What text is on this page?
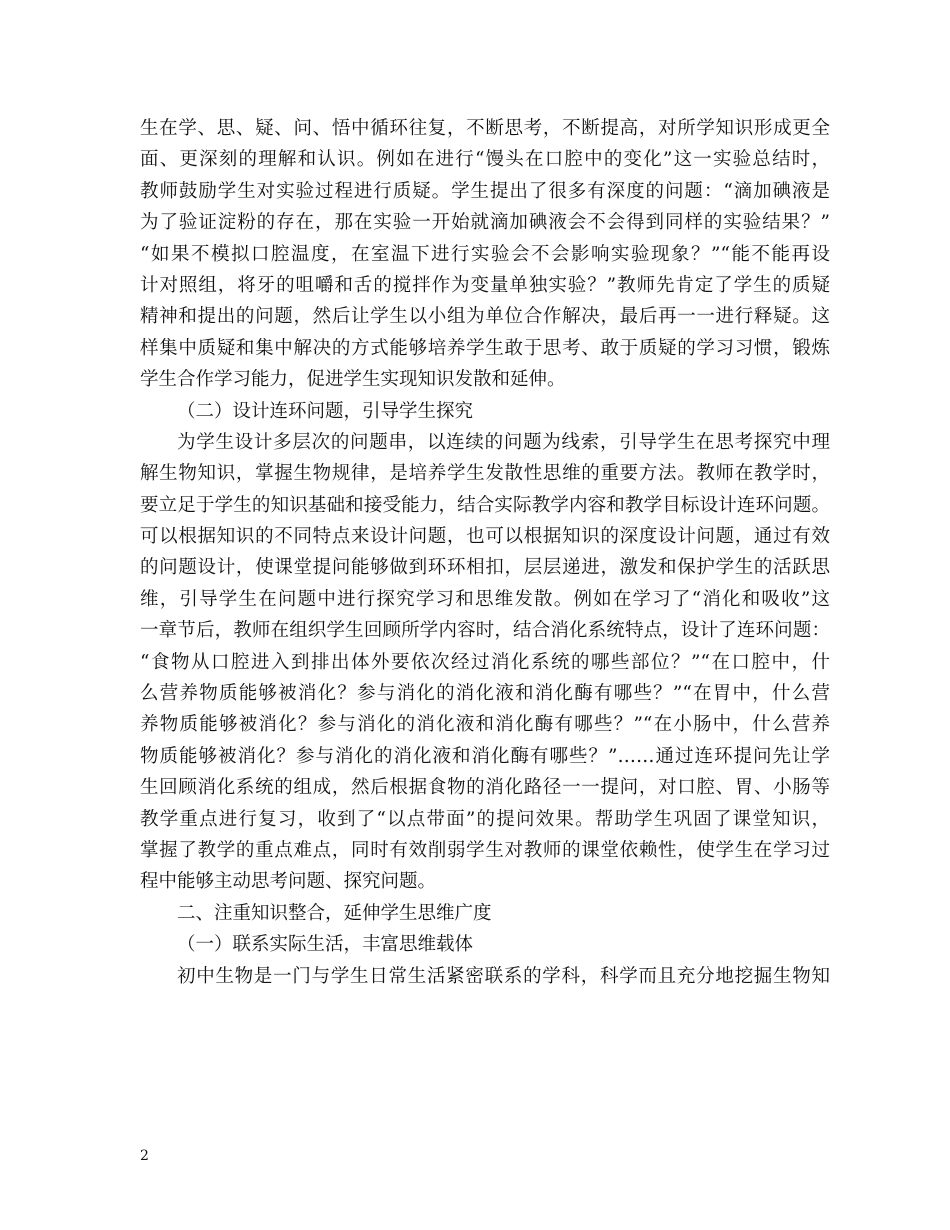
生在学、思、疑、问、悟中循环往复，不断思考，不断提高，对所学知识形成更全
面、更深刻的理解和认识。例如在进行“馒头在口腔中的变化”这一实验总结时，
教师鼓励学生对实验过程进行质疑。学生提出了很多有深度的问题：“滴加碘液是
为了验证淀粉的存在，那在实验一开始就滴加碘液会不会得到同样的实验结果？”
“如果不模拟口腔温度，在室温下进行实验会不会影响实验现象？”“能不能再设
计对照组，将牙的咀嚼和舌的搅拌作为变量单独实验？”教师先肯定了学生的质疑
精神和提出的问题，然后让学生以小组为单位合作解决，最后再一一进行释疑。这
样集中质疑和集中解决的方式能够培养学生敢于思考、敢于质疑的学习习惯，锻炼
学生合作学习能力，促进学生实现知识发散和延伸。
（二）设计连环问题，引导学生探究
为学生设计多层次的问题串，以连续的问题为线索，引导学生在思考探究中理
解生物知识，掌握生物规律，是培养学生发散性思维的重要方法。教师在教学时，
要立足于学生的知识基础和接受能力，结合实际教学内容和教学目标设计连环问题。
可以根据知识的不同特点来设计问题，也可以根据知识的深度设计问题，通过有效
的问题设计，使课堂提问能够做到环环相扣，层层递进，激发和保护学生的活跃思
维，引导学生在问题中进行探究学习和思维发散。例如在学习了“消化和吸收”这
一章节后，教师在组织学生回顾所学内容时，结合消化系统特点，设计了连环问题：
“食物从口腔进入到排出体外要依次经过消化系统的哪些部位？”“在口腔中，什
么营养物质能够被消化？参与消化的消化液和消化酶有哪些？”“在胃中，什么营
养物质能够被消化？参与消化的消化液和消化酶有哪些？”“在小肠中，什么营养
物质能够被消化？参与消化的消化液和消化酶有哪些？”……通过连环提问先让学
生回顾消化系统的组成，然后根据食物的消化路径一一提问，对口腔、胃、小肠等
教学重点进行复习，收到了“以点带面”的提问效果。帮助学生巩固了课堂知识，
掌握了教学的重点难点，同时有效削弱学生对教师的课堂依赖性，使学生在学习过
程中能够主动思考问题、探究问题。
二、注重知识整合，延伸学生思维广度
（一）联系实际生活，丰富思维载体
初中生物是一门与学生日常生活紧密联系的学科，科学而且充分地挖掘生物知
2
